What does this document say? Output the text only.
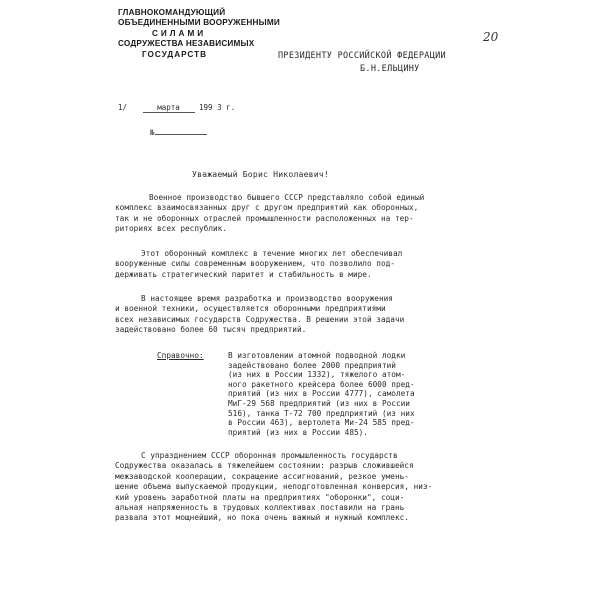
ГЛАВНОКОМАНДУЮЩИЙ
ОБЪЕДИНЕННЫМИ ВООРУЖЕННЫМИ
СИЛАМИ
СОДРУЖЕСТВА НЕЗАВИСИМЫХ
ГОСУДАРСТВ
20
ПРЕЗИДЕНТУ РОССИЙСКОЙ ФЕДЕРАЦИИ
Б.Н.ЕЛЬЦИНУ
1/	марта	199 3 г.
№
Уважаемый Борис Николаевич!
Военное производство бывшего СССР представляло собой единый
комплекс взаимосвязанных друг с другом предприятий как оборонных,
так и не оборонных отраслей промышленности расположенных на тер-
риториях всех республик.
Этот оборонный комплекс в течение многих лет обеспечивал
вооруженные силы современным вооружением, что позволило под-
держивать стратегический паритет и стабильность в мире.
В настоящее время разработка и производство вооружения
и военной техники, осуществляется оборонными предприятиями
всех независимых государств Содружества. В решении этой задачи
задействовано более 60 тысяч предприятий.
Справочно:	В изготовлении атомной подводной лодки
задействовано более 2000 предприятий
(из них в России 1332), тяжелого атом-
ного ракетного крейсера более 6000 пред-
приятий (из них в России 4777), самолета
МиГ-29 568 предприятий (из них в России
516), танка Т-72 700 предприятий (из них
в России 463), вертолета Ми-24 585 пред-
приятий (из них в России 485).
С упразднением СССР оборонная промышленность государств
Содружества оказалась в тяжелейшем состоянии: разрыв сложившейся
межзаводской кооперации, сокращение ассигнований, резкое умень-
шение объема выпускаемой продукции, неподготовленная конверсия, низ-
кий уровень заработной платы на предприятиях "оборонки", соци-
альная напряженность в трудовых коллективах поставили на грань
развала этот мощнейший, но пока очень важный и нужный комплекс.
